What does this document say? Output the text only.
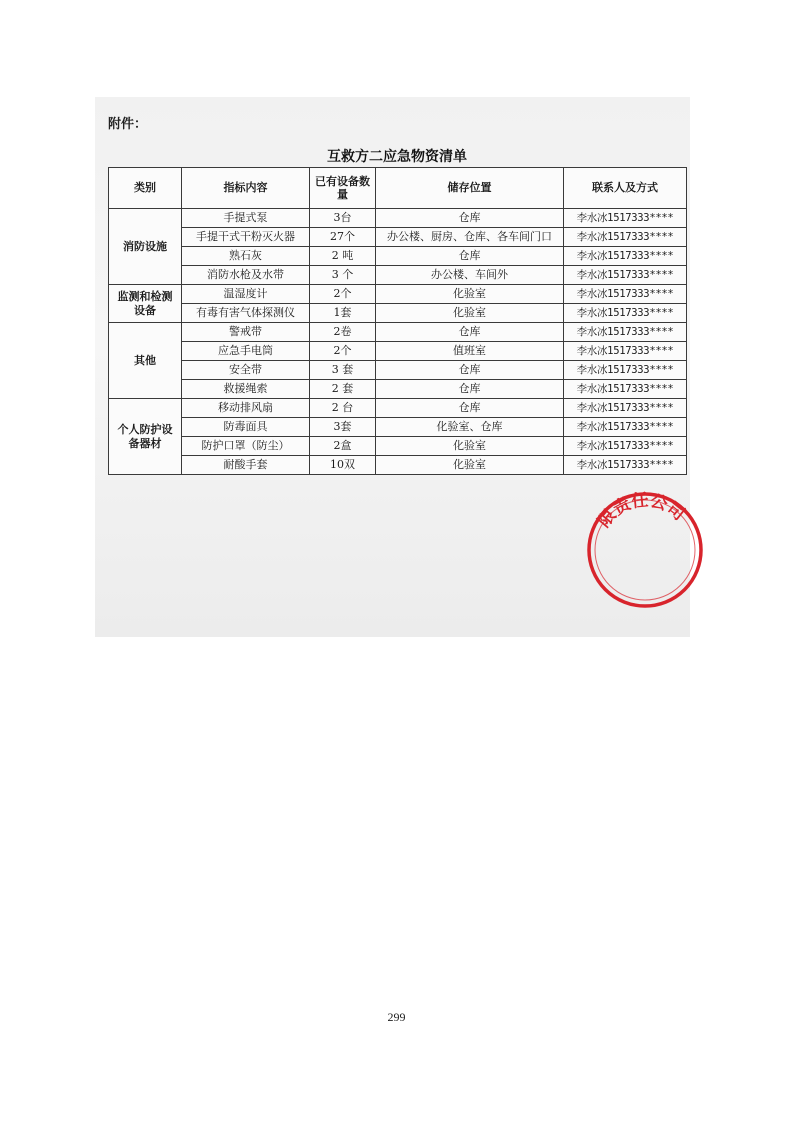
附件：
互救方二应急物资清单
类别	指标内容	已有设备数量	储存位置	联系人及方式
消防设施	手提式泵	3台	仓库	李水冰1517333****
	手提干式干粉灭火器	27个	办公楼、厨房、仓库、各车间门口	李水冰1517333****
	熟石灰	2 吨	仓库	李水冰1517333****
	消防水枪及水带	3 个	办公楼、车间外	李水冰1517333****
监测和检测设备	温湿度计	2个	化验室	李水冰1517333****
	有毒有害气体探测仪	1套	化验室	李水冰1517333****
其他	警戒带	2卷	仓库	李水冰1517333****
	应急手电筒	2个	值班室	李水冰1517333****
	安全带	3 套	仓库	李水冰1517333****
	救援绳索	2 套	仓库	李水冰1517333****
个人防护设备器材	移动排风扇	2 台	仓库	李水冰1517333****
	防毒面具	3套	化验室、仓库	李水冰1517333****
	防护口罩（防尘）	2盒	化验室	李水冰1517333****
	耐酸手套	10双	化验室	李水冰1517333****
限责任公司
299
